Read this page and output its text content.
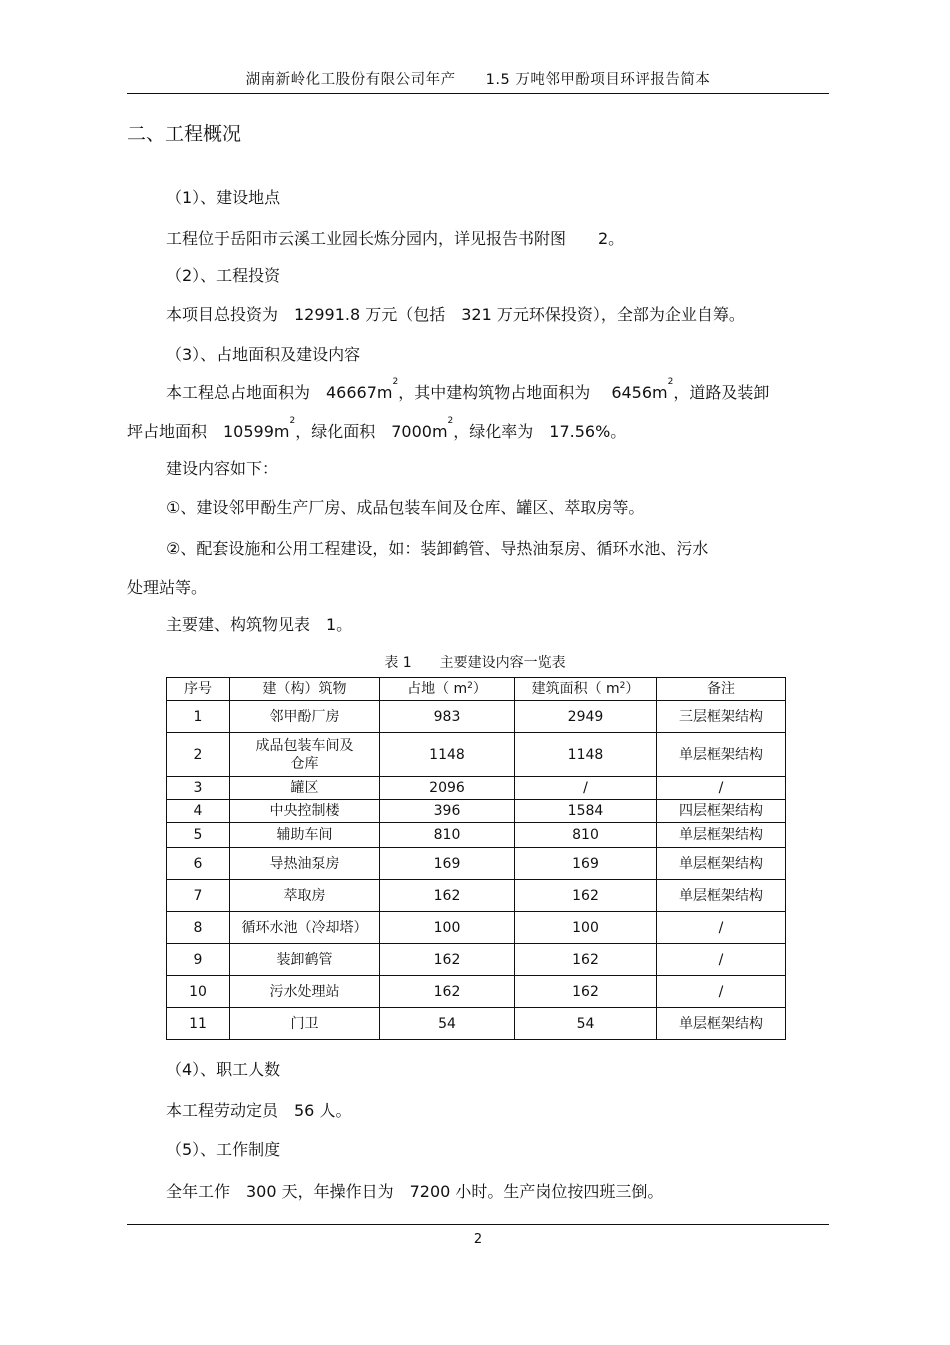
湖南新岭化工股份有限公司年产　　1.5 万吨邻甲酚项目环评报告简本
二、工程概况
（1）、建设地点
工程位于岳阳市云溪工业园长炼分园内，详见报告书附图　　2。
（2）、工程投资
本项目总投资为　12991.8 万元（包括　321 万元环保投资），全部为企业自筹。
（3）、占地面积及建设内容
本工程总占地面积为　$46667m^2$，其中建构筑物占地面积为　 $6456m^2$，道路及装卸
坪占地面积　$10599m^2$，绿化面积　$7000m^2$，绿化率为　17.56%。
建设内容如下：
①、建设邻甲酚生产厂房、成品包装车间及仓库、罐区、萃取房等。
②、配套设施和公用工程建设，如：装卸鹤管、导热油泵房、循环水池、污水
处理站等。
主要建、构筑物见表　1。
表 1　　主要建设内容一览表
序号	建（构）筑物	占地（ $m^2$）	建筑面积（ $m^2$）	备注
1	邻甲酚厂房	983	2949	三层框架结构
2	成品包装车间及仓库	1148	1148	单层框架结构
3	罐区	2096	/	/
4	中央控制楼	396	1584	四层框架结构
5	辅助车间	810	810	单层框架结构
6	导热油泵房	169	169	单层框架结构
7	萃取房	162	162	单层框架结构
8	循环水池（冷却塔）	100	100	/
9	装卸鹤管	162	162	/
10	污水处理站	162	162	/
11	门卫	54	54	单层框架结构
（4）、职工人数
本工程劳动定员　56 人。
（5）、工作制度
全年工作　300 天，年操作日为　7200 小时。生产岗位按四班三倒。
2
